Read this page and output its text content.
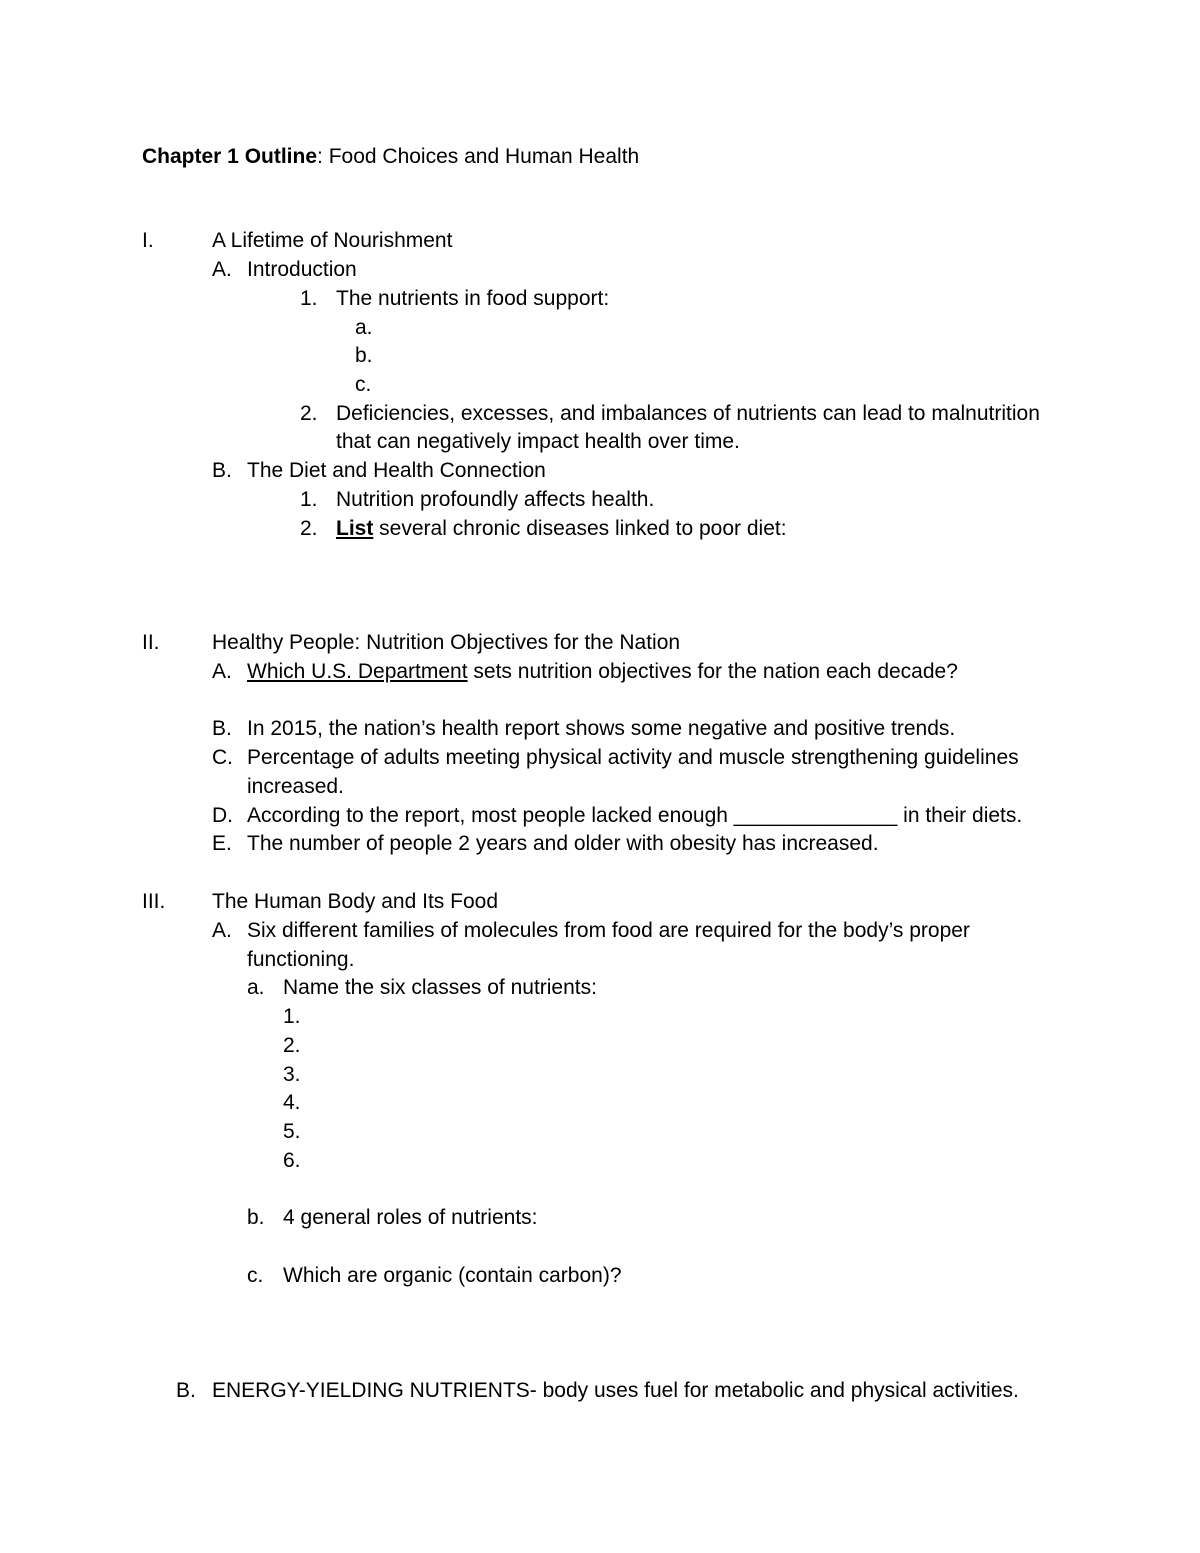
Chapter 1 Outline: Food Choices and Human Health
I.	A Lifetime of Nourishment
A. Introduction
1. The nutrients in food support:
a.
b.
c.
2. Deficiencies, excesses, and imbalances of nutrients can lead to malnutrition
that can negatively impact health over time.
B. The Diet and Health Connection
1. Nutrition profoundly affects health.
2. List several chronic diseases linked to poor diet:
II. Healthy People: Nutrition Objectives for the Nation
A. Which U.S. Department sets nutrition objectives for the nation each decade?
B. In 2015, the nation’s health report shows some negative and positive trends.
C. Percentage of adults meeting physical activity and muscle strengthening guidelines
increased.
D. According to the report, most people lacked enough ______________ in their diets.
E. The number of people 2 years and older with obesity has increased.
III. The Human Body and Its Food
A. Six different families of molecules from food are required for the body’s proper
functioning.
a. Name the six classes of nutrients:
1.
2.
3.
4.
5.
6.
b. 4 general roles of nutrients:
c. Which are organic (contain carbon)?
B. ENERGY-YIELDING NUTRIENTS- body uses fuel for metabolic and physical activities.
